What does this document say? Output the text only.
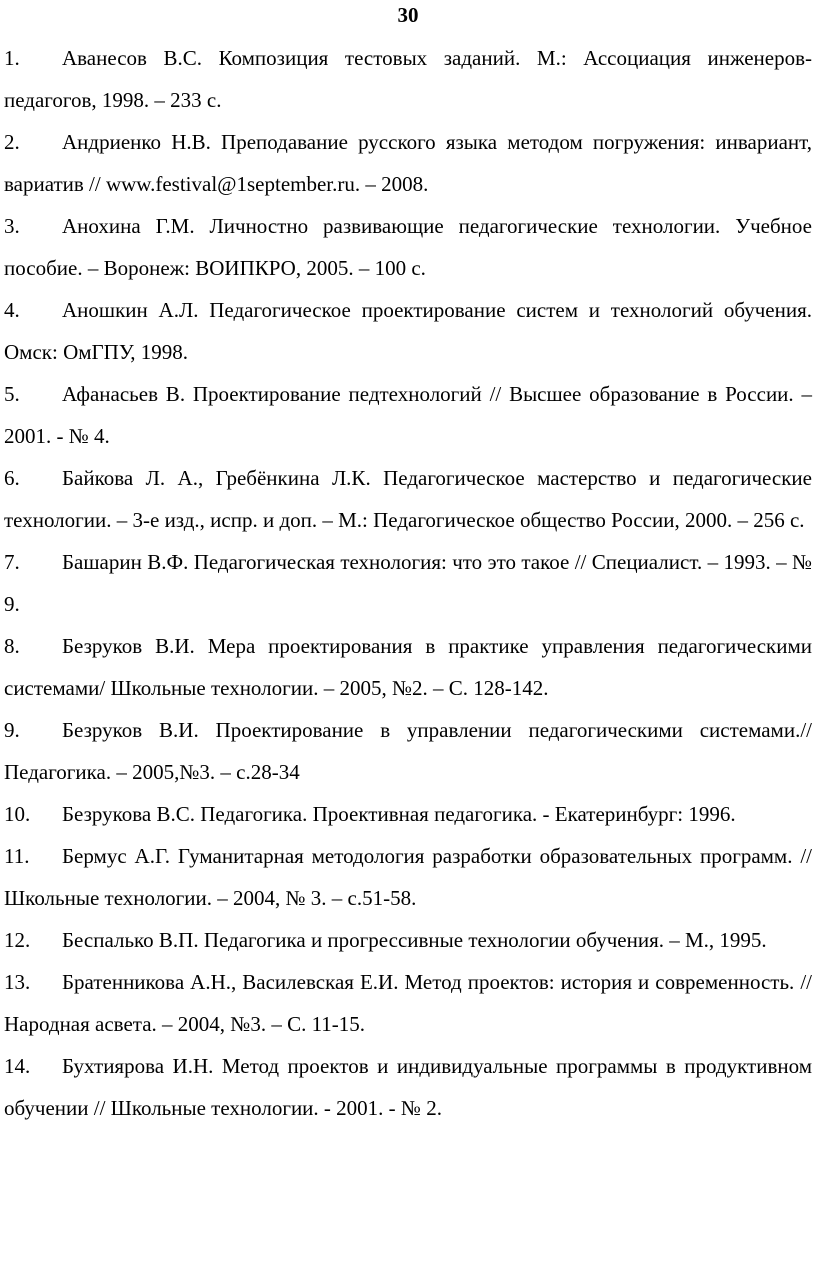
30

1. Аванесов В.С. Композиция тестовых заданий. М.: Ассоциация инженеров-педагогов, 1998. – 233 с.

2. Андриенко Н.В. Преподавание русского языка методом погружения: инвариант, вариатив // www.festival@1september.ru. – 2008.

3. Анохина Г.М. Личностно развивающие педагогические технологии. Учебное пособие. – Воронеж: ВОИПКРО, 2005. – 100 с.

4. Аношкин А.Л. Педагогическое проектирование систем и технологий обучения. Омск: ОмГПУ, 1998.

5. Афанасьев В. Проектирование педтехнологий // Высшее образование в России. – 2001. - № 4.

6. Байкова Л. А., Гребёнкина Л.К. Педагогическое мастерство и педагогические технологии. – 3-е изд., испр. и доп. – М.: Педагогическое общество России, 2000. – 256 с.

7. Башарин В.Ф. Педагогическая технология: что это такое // Специалист. – 1993. – № 9.

8. Безруков В.И. Мера проектирования в практике управления педагогическими системами/ Школьные технологии. – 2005, №2. – С. 128-142.

9. Безруков В.И. Проектирование в управлении педагогическими системами.// Педагогика. – 2005,№3. – с.28-34

10. Безрукова В.С. Педагогика. Проективная педагогика. - Екатеринбург: 1996.

11. Бермус А.Г. Гуманитарная методология разработки образовательных программ. // Школьные технологии. – 2004, № 3. – с.51-58.

12. Беспалько В.П. Педагогика и прогрессивные технологии обучения. – М., 1995.

13. Братенникова А.Н., Василевская Е.И. Метод проектов: история и современность. // Народная асвета. – 2004, №3. – С. 11-15.

14. Бухтиярова И.Н. Метод проектов и индивидуальные программы в продуктивном обучении // Школьные технологии. - 2001. - № 2.
